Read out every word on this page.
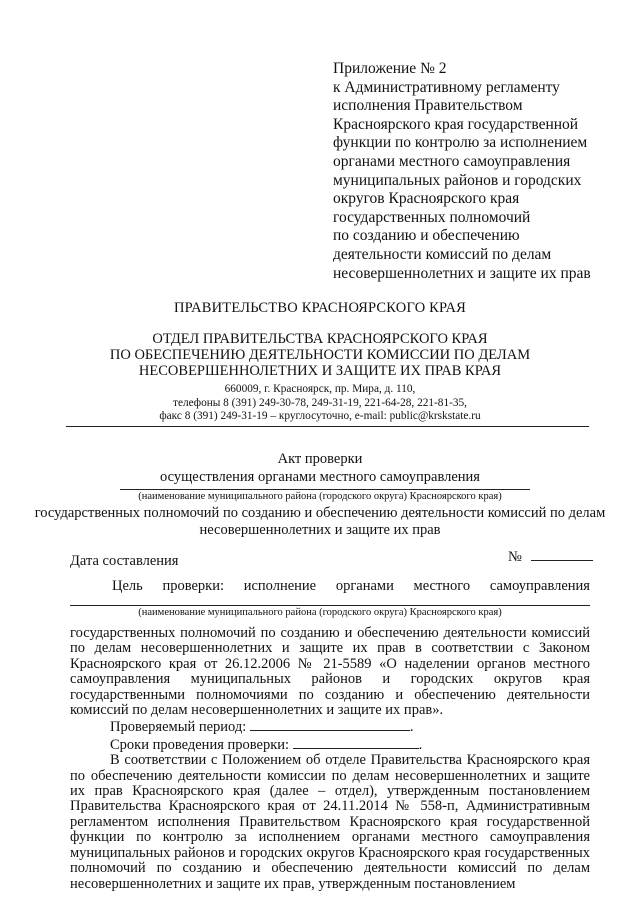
Приложение № 2
к Административному регламенту
исполнения Правительством
Красноярского края государственной
функции по контролю за исполнением
органами местного самоуправления
муниципальных районов и городских
округов Красноярского края
государственных полномочий
по созданию и обеспечению
деятельности комиссий по делам
несовершеннолетних и защите их прав
ПРАВИТЕЛЬСТВО КРАСНОЯРСКОГО КРАЯ
ОТДЕЛ ПРАВИТЕЛЬСТВА КРАСНОЯРСКОГО КРАЯ
ПО ОБЕСПЕЧЕНИЮ ДЕЯТЕЛЬНОСТИ КОМИССИИ ПО ДЕЛАМ
НЕСОВЕРШЕННОЛЕТНИХ И ЗАЩИТЕ ИХ ПРАВ КРАЯ
660009, г. Красноярск, пр. Мира, д. 110,
телефоны 8 (391) 249-30-78, 249-31-19, 221-64-28, 221-81-35,
факс 8 (391) 249-31-19 – круглосуточно, e-mail: public@krskstate.ru
Акт проверки
осуществления органами местного самоуправления
(наименование муниципального района (городского округа) Красноярского края)
государственных полномочий по созданию и обеспечению деятельности комиссий по делам
несовершеннолетних и защите их прав
Дата составления	№
Цель проверки: исполнение органами местного самоуправления
(наименование муниципального района (городского округа) Красноярского края)

государственных полномочий по созданию и обеспечению деятельности комиссий по делам несовершеннолетних и защите их прав в соответствии с Законом Красноярского края от 26.12.2006 № 21-5589 «О наделении органов местного самоуправления муниципальных районов и городских округов края государственными полномочиями по созданию и обеспечению деятельности комиссий по делам несовершеннолетних и защите их прав».

Проверяемый период:	.

Сроки проведения проверки:	.

В соответствии с Положением об отделе Правительства Красноярского края по обеспечению деятельности комиссии по делам несовершеннолетних и защите их прав Красноярского края (далее – отдел), утвержденным постановлением Правительства Красноярского края от 24.11.2014 № 558-п, Административным регламентом исполнения Правительством Красноярского края государственной функции по контролю за исполнением органами местного самоуправления муниципальных районов и городских округов Красноярского края государственных полномочий по созданию и обеспечению деятельности комиссий по делам несовершеннолетних и защите их прав, утвержденным постановлением
